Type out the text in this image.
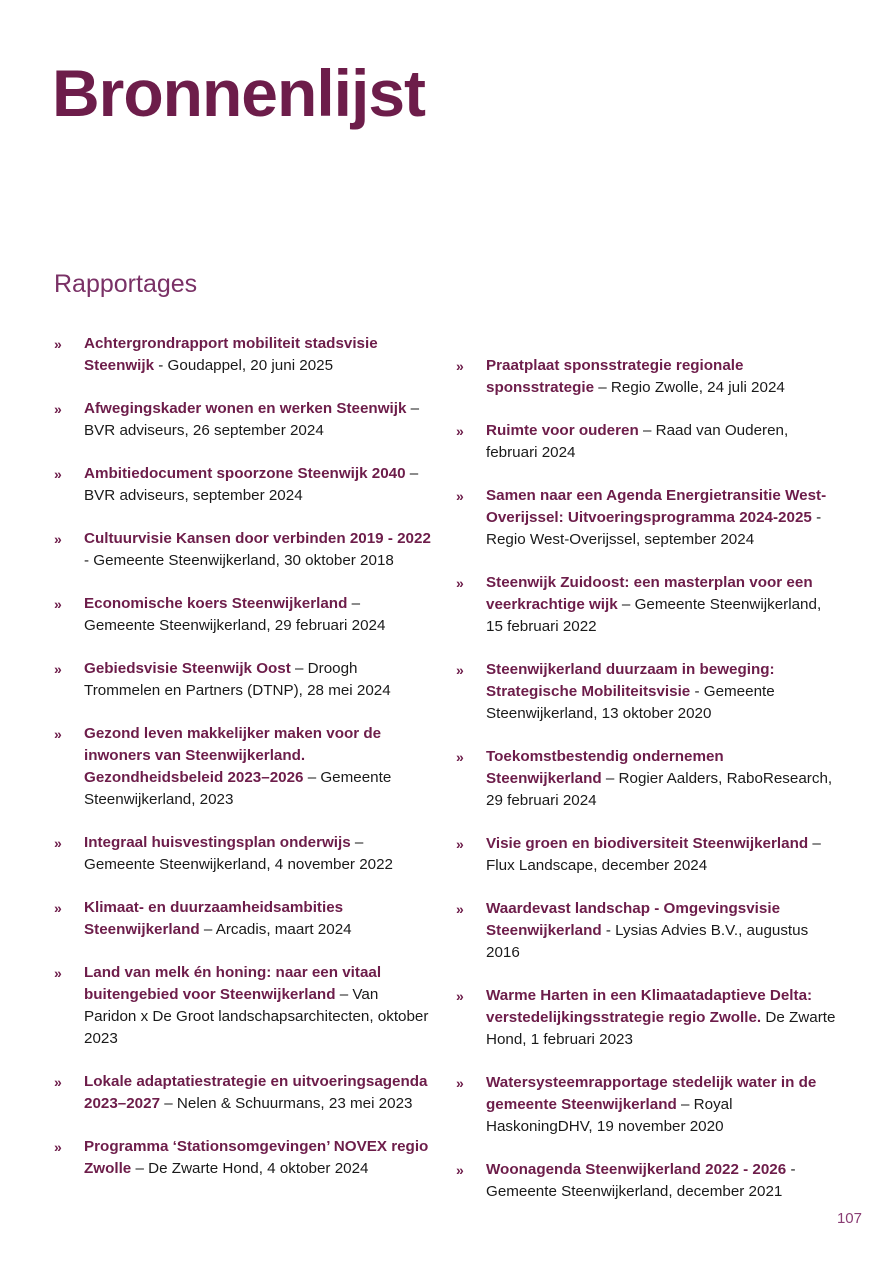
Bronnenlijst
Rapportages
» Achtergrondrapport mobiliteit stadsvisie Steenwijk - Goudappel, 20 juni 2025
» Afwegingskader wonen en werken Steenwijk – BVR adviseurs, 26 september 2024
» Ambitiedocument spoorzone Steenwijk 2040 – BVR adviseurs, september 2024
» Cultuurvisie Kansen door verbinden 2019 - 2022 - Gemeente Steenwijkerland, 30 oktober 2018
» Economische koers Steenwijkerland – Gemeente Steenwijkerland, 29 februari 2024
» Gebiedsvisie Steenwijk Oost – Droogh Trommelen en Partners (DTNP), 28 mei 2024
» Gezond leven makkelijker maken voor de inwoners van Steenwijkerland. Gezondheidsbeleid 2023–2026 – Gemeente Steenwijkerland, 2023
» Integraal huisvestingsplan onderwijs – Gemeente Steenwijkerland, 4 november 2022
» Klimaat- en duurzaamheidsambities Steenwijkerland – Arcadis, maart 2024
» Land van melk én honing: naar een vitaal buitengebied voor Steenwijkerland – Van Paridon x De Groot landschapsarchitecten, oktober 2023
» Lokale adaptatiestrategie en uitvoeringsagenda 2023–2027 – Nelen & Schuurmans, 23 mei 2023
» Programma ‘Stationsomgevingen’ NOVEX regio Zwolle – De Zwarte Hond, 4 oktober 2024
» Praatplaat sponsstrategie regionale sponsstrategie – Regio Zwolle, 24 juli 2024
» Ruimte voor ouderen – Raad van Ouderen, februari 2024
» Samen naar een Agenda Energietransitie West-Overijssel: Uitvoeringsprogramma 2024-2025 - Regio West-Overijssel, september 2024
» Steenwijk Zuidoost: een masterplan voor een veerkrachtige wijk – Gemeente Steenwijkerland, 15 februari 2022
» Steenwijkerland duurzaam in beweging: Strategische Mobiliteitsvisie - Gemeente Steenwijkerland, 13 oktober 2020
» Toekomstbestendig ondernemen Steenwijkerland – Rogier Aalders, RaboResearch, 29 februari 2024
» Visie groen en biodiversiteit Steenwijkerland – Flux Landscape, december 2024
» Waardevast landschap - Omgevingsvisie Steenwijkerland - Lysias Advies B.V., augustus 2016
» Warme Harten in een Klimaatadaptieve Delta: verstedelijkingsstrategie regio Zwolle. De Zwarte Hond, 1 februari 2023
» Watersysteemrapportage stedelijk water in de gemeente Steenwijkerland – Royal HaskoningDHV, 19 november 2020
» Woonagenda Steenwijkerland 2022 - 2026 - Gemeente Steenwijkerland, december 2021
107
